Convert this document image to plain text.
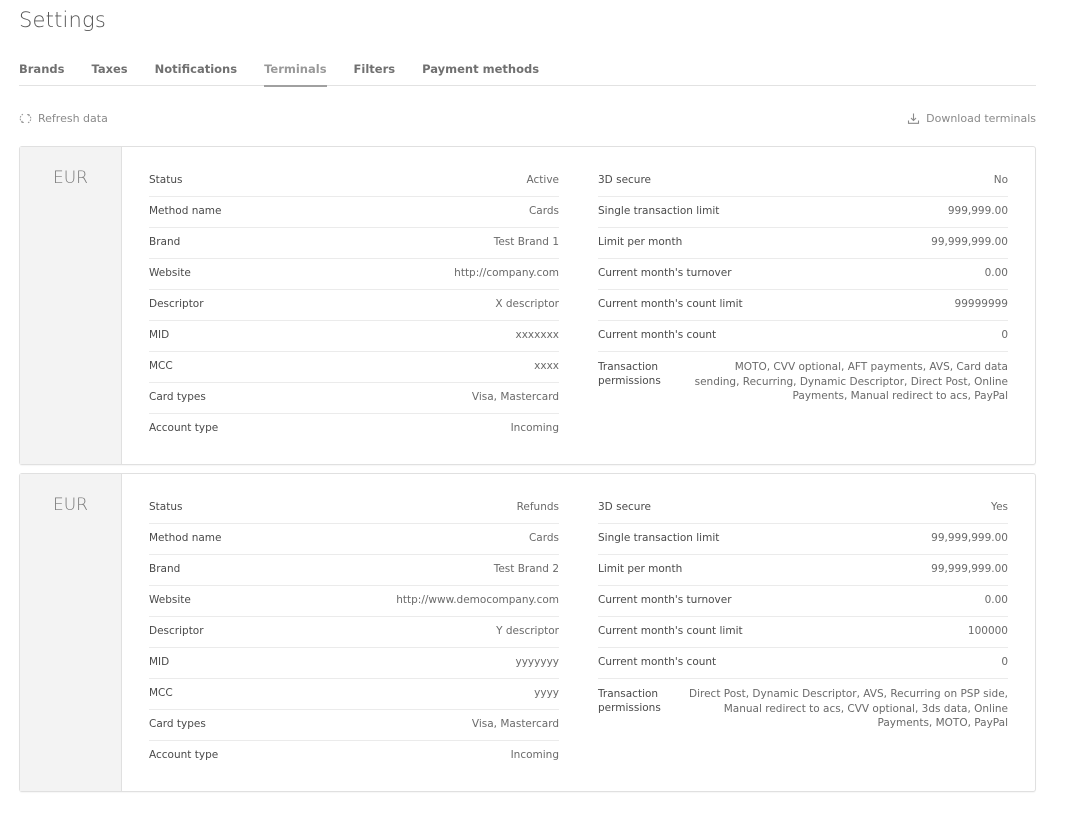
Settings
Brands Taxes Notifications Terminals Filters Payment methods
Refresh data	Download terminals
EUR	Status	Active
Method name	Cards
Brand	Test Brand 1
Website	http://company.com
Descriptor	X descriptor
MID	xxxxxxx
MCC	xxxx
Card types	Visa, Mastercard
Account type	Incoming
3D secure	No
Single transaction limit	999,999.00
Limit per month	99,999,999.00
Current month's turnover	0.00
Current month's count limit	99999999
Current month's count	0
Transaction permissions
MOTO, CVV optional, AFT payments, AVS, Card data sending, Recurring, Dynamic Descriptor, Direct Post, Online Payments, Manual redirect to acs, PayPal
EUR	Status	Refunds
Method name	Cards
Brand	Test Brand 2
Website	http://www.democompany.com
Descriptor	Y descriptor
MID	yyyyyyy
MCC	yyyy
Card types	Visa, Mastercard
Account type	Incoming
3D secure	Yes
Single transaction limit	99,999,999.00
Limit per month	99,999,999.00
Current month's turnover	0.00
Current month's count limit	100000
Current month's count	0
Transaction permissions
Direct Post, Dynamic Descriptor, AVS, Recurring on PSP side, Manual redirect to acs, CVV optional, 3ds data, Online Payments, MOTO, PayPal
